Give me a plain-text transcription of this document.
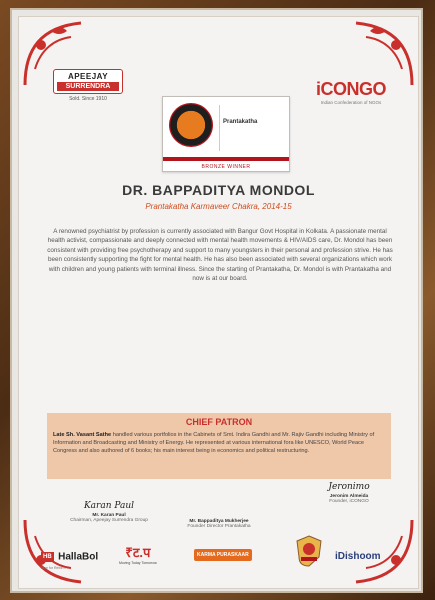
APEEJAY
SURRENDRA
Sold. Since 1910	iCONGO
Indian Confederation of NGOs
Prantakatha
BRONZE WINNER
DR. BAPPADITYA MONDOL
Prantakatha Karmaveer Chakra, 2014-15

A renowned psychiatrist by profession is currently associated with Bangur Govt Hospital in Kolkata. A passionate mental health activist, compassionate and deeply connected with mental health movements & HIV/AIDS care, Dr. Mondol has been consistent with providing free psychotherapy and support to many youngsters in their personal and profession strive. He has been consistently supporting the fight for mental health. He has also been associated with several organizations which work with children and young patients with terminal illness. Since the starting of Prantakatha, Dr. Mondol is with Prantakatha and now is at our board.

CHIEF PATRON

Late Sh. Vasant Sathe handled various portfolios in the Cabinets of Smt. Indira Gandhi and Mr. Rajiv Gandhi including Ministry of Information and Broadcasting and Ministry of Energy. He represented at various international fora like UNESCO, World Peace Congress and also authored of 6 books; his main interest being in economics and political restructuring.

Karan Paul
Mr. Karan Paul
Chairman, Apeejay Surrendra Group	Mr. Bappaditya Mukherjee
Founder Director Prantakatha
Jeronimo
Jeronim Almeida
Founder, iCONGO
HB HallaBol
Rise for Reform
₹ट.प
Moving Today Tomorrow
KARMA PURASKAAR	iDishoom
